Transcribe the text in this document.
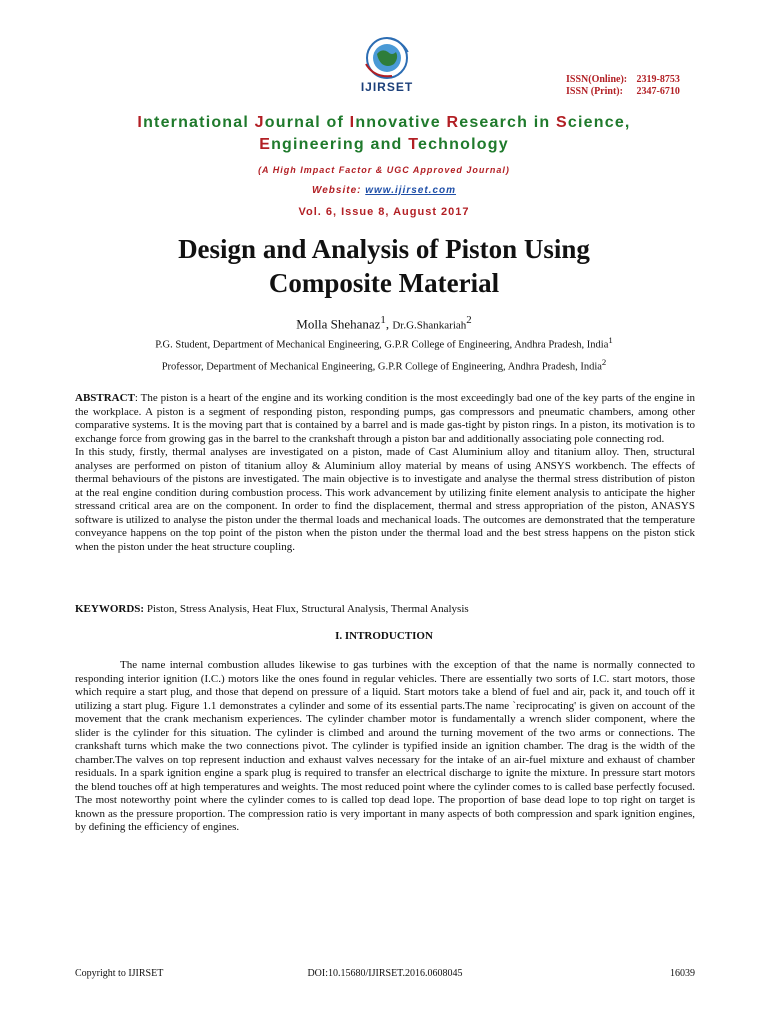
IJIRSET
ISSN(Online): 2319-8753
ISSN (Print): 2347-6710
International Journal of Innovative Research in Science,
Engineering and Technology
(A High Impact Factor & UGC Approved Journal)
Website: www.ijirset.com
Vol. 6, Issue 8, August 2017
Design and Analysis of Piston Using
Composite Material
Molla Shehanaz$^1$, Dr.G.Shankariah$^2$
P.G. Student, Department of Mechanical Engineering, G.P.R College of Engineering, Andhra Pradesh, India$^1$
Professor, Department of Mechanical Engineering, G.P.R College of Engineering, Andhra Pradesh, India$^2$

ABSTRACT: The piston is a heart of the engine and its working condition is the most exceedingly bad one of the key parts of the engine in the workplace. A piston is a segment of responding piston, responding pumps, gas compressors and pneumatic chambers, among other comparative systems. It is the moving part that is contained by a barrel and is made gas-tight by piston rings. In a piston, its motivation is to exchange force from growing gas in the barrel to the crankshaft through a piston bar and additionally associating pole connecting rod.

In this study, firstly, thermal analyses are investigated on a piston, made of Cast Aluminium alloy and titanium alloy. Then, structural analyses are performed on piston of titanium alloy & Aluminium alloy material by means of using ANSYS workbench. The effects of thermal behaviours of the pistons are investigated. The main objective is to investigate and analyse the thermal stress distribution of piston at the real engine condition during combustion process. This work advancement by utilizing finite element analysis to anticipate the higher stressand critical area are on the component. In order to find the displacement, thermal and stress appropriation of the piston, ANASYS software is utilized to analyse the piston under the thermal loads and mechanical loads. The outcomes are demonstrated that the temperature conveyance happens on the top point of the piston when the piston under the thermal load and the best stress happens on the piston stick when the piston under the heat structure coupling.

KEYWORDS: Piston, Stress Analysis, Heat Flux, Structural Analysis, Thermal Analysis
I. INTRODUCTION

The name internal combustion alludes likewise to gas turbines with the exception of that the name is normally connected to responding interior ignition (I.C.) motors like the ones found in regular vehicles. There are essentially two sorts of I.C. start motors, those which require a start plug, and those that depend on pressure of a liquid. Start motors take a blend of fuel and air, pack it, and touch off it utilizing a start plug. Figure 1.1 demonstrates a cylinder and some of its essential parts.The name `reciprocating' is given on account of the movement that the crank mechanism experiences. The cylinder chamber motor is fundamentally a wrench slider component, where the slider is the cylinder for this situation. The cylinder is climbed and around the turning movement of the two arms or connections. The crankshaft turns which make the two connections pivot. The cylinder is typified inside an ignition chamber. The drag is the width of the chamber.The valves on top represent induction and exhaust valves necessary for the intake of an air-fuel mixture and exhaust of chamber residuals. In a spark ignition engine a spark plug is required to transfer an electrical discharge to ignite the mixture. In pressure start motors the blend touches off at high temperatures and weights. The most reduced point where the cylinder comes to is called base perfectly focused. The most noteworthy point where the cylinder comes to is called top dead lope. The proportion of base dead lope to top right on target is known as the pressure proportion. The compression ratio is very important in many aspects of both compression and spark ignition engines, by defining the efficiency of engines.

Copyright to IJIRSET	DOI:10.15680/IJIRSET.2016.0608045	16039
